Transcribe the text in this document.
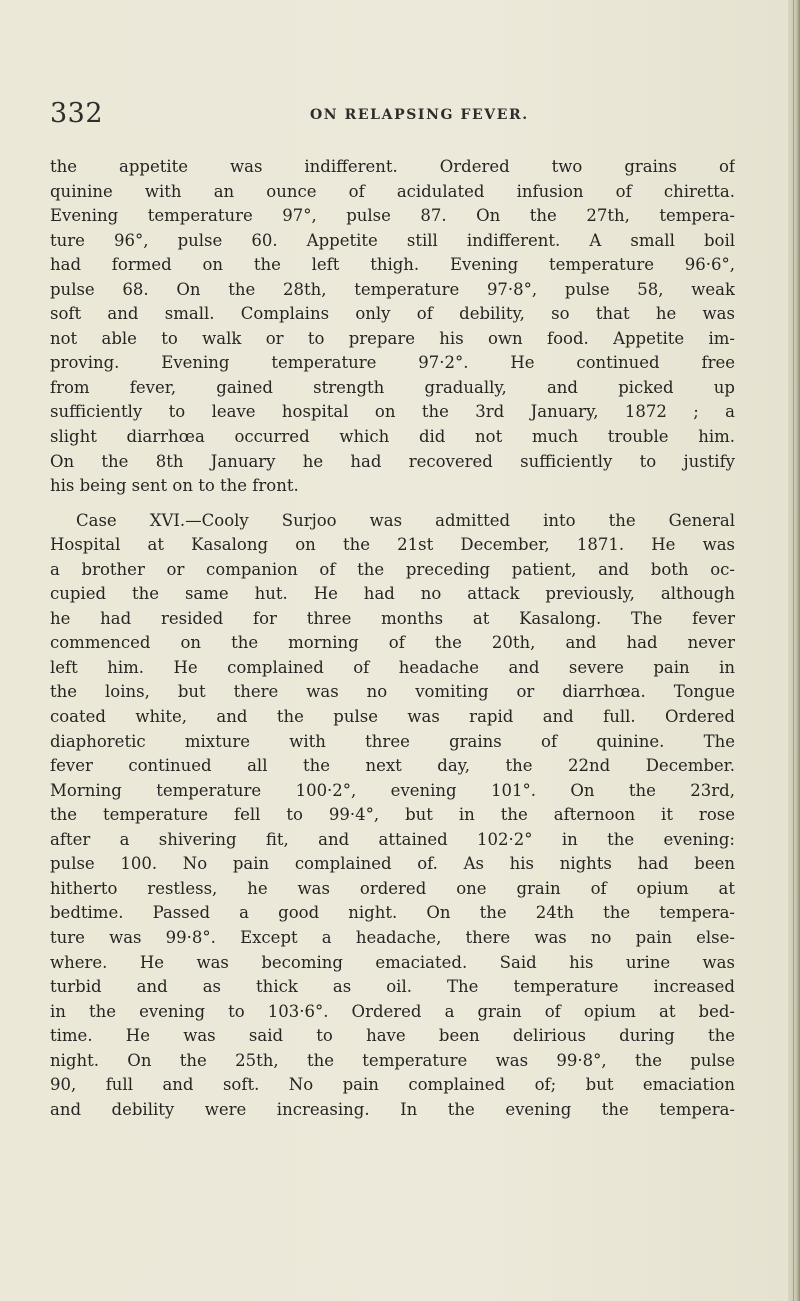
332	ON RELAPSING FEVER.
the appetite was indifferent. Ordered two grains of
quinine with an ounce of acidulated infusion of chiretta.
Evening temperature 97°, pulse 87. On the 27th, tempera-
ture 96°, pulse 60. Appetite still indifferent. A small boil
had formed on the left thigh. Evening temperature 96·6°,
pulse 68. On the 28th, temperature 97·8°, pulse 58, weak
soft and small. Complains only of debility, so that he was
not able to walk or to prepare his own food. Appetite im-
proving. Evening temperature 97·2°. He continued free
from fever, gained strength gradually, and picked up
sufficiently to leave hospital on the 3rd January, 1872 ; a
slight diarrhœa occurred which did not much trouble him.
On the 8th January he had recovered sufficiently to justify
his being sent on to the front.
Case XVI.—Cooly Surjoo was admitted into the General
Hospital at Kasalong on the 21st December, 1871. He was
a brother or companion of the preceding patient, and both oc-
cupied the same hut. He had no attack previously, although
he had resided for three months at Kasalong. The fever
commenced on the morning of the 20th, and had never
left him. He complained of headache and severe pain in
the loins, but there was no vomiting or diarrhœa. Tongue
coated white, and the pulse was rapid and full. Ordered
diaphoretic mixture with three grains of quinine. The
fever continued all the next day, the 22nd December.
Morning temperature 100·2°, evening 101°. On the 23rd,
the temperature fell to 99·4°, but in the afternoon it rose
after a shivering fit, and attained 102·2° in the evening:
pulse 100. No pain complained of. As his nights had been
hitherto restless, he was ordered one grain of opium at
bedtime. Passed a good night. On the 24th the tempera-
ture was 99·8°. Except a headache, there was no pain else-
where. He was becoming emaciated. Said his urine was
turbid and as thick as oil. The temperature increased
in the evening to 103·6°. Ordered a grain of opium at bed-
time. He was said to have been delirious during the
night. On the 25th, the temperature was 99·8°, the pulse
90, full and soft. No pain complained of; but emaciation
and debility were increasing. In the evening the tempera-
